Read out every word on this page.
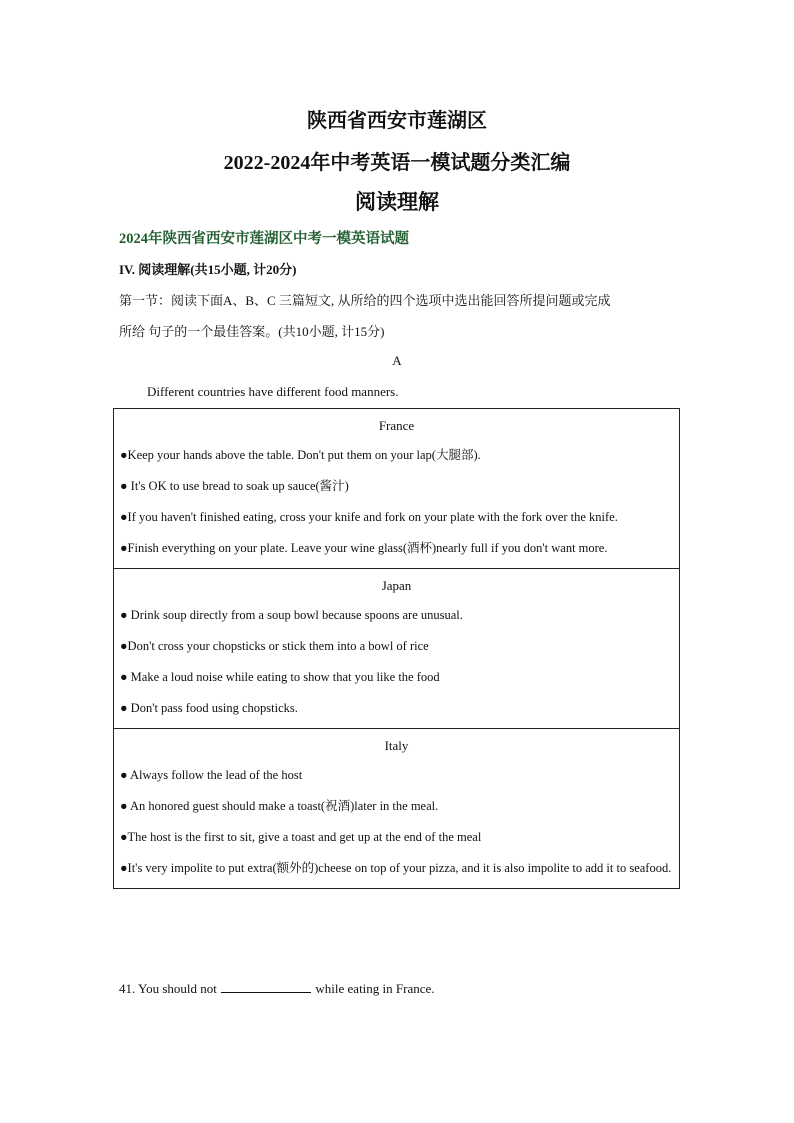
陕西省西安市莲湖区
2022-2024年中考英语一模试题分类汇编
阅读理解
2024年陕西省西安市莲湖区中考一模英语试题
IV. 阅读理解(共15小题, 计20分)
第一节：阅读下面A、B、C 三篇短文, 从所给的四个选项中选出能回答所提问题或完成
所给 句子的一个最佳答案。(共10小题, 计15分)
A
Different countries have different food manners.
France
●Keep your hands above the table. Don't put them on your lap(大腿部).
● It's OK to use bread to soak up sauce(酱汁)
●If you haven't finished eating, cross your knife and fork on your plate with the fork over the knife.
●Finish everything on your plate. Leave your wine glass(酒杯)nearly full if you don't want more.
Japan
● Drink soup directly from a soup bowl because spoons are unusual.
●Don't cross your chopsticks or stick them into a bowl of rice
● Make a loud noise while eating to show that you like the food
● Don't pass food using chopsticks.
Italy
● Always follow the lead of the host
● An honored guest should make a toast(祝酒)later in the meal.
●The host is the first to sit, give a toast and get up at the end of the meal
●It's very impolite to put extra(额外的)cheese on top of your pizza, and it is also impolite to add it to seafood.
41. You should not	while eating in France.
